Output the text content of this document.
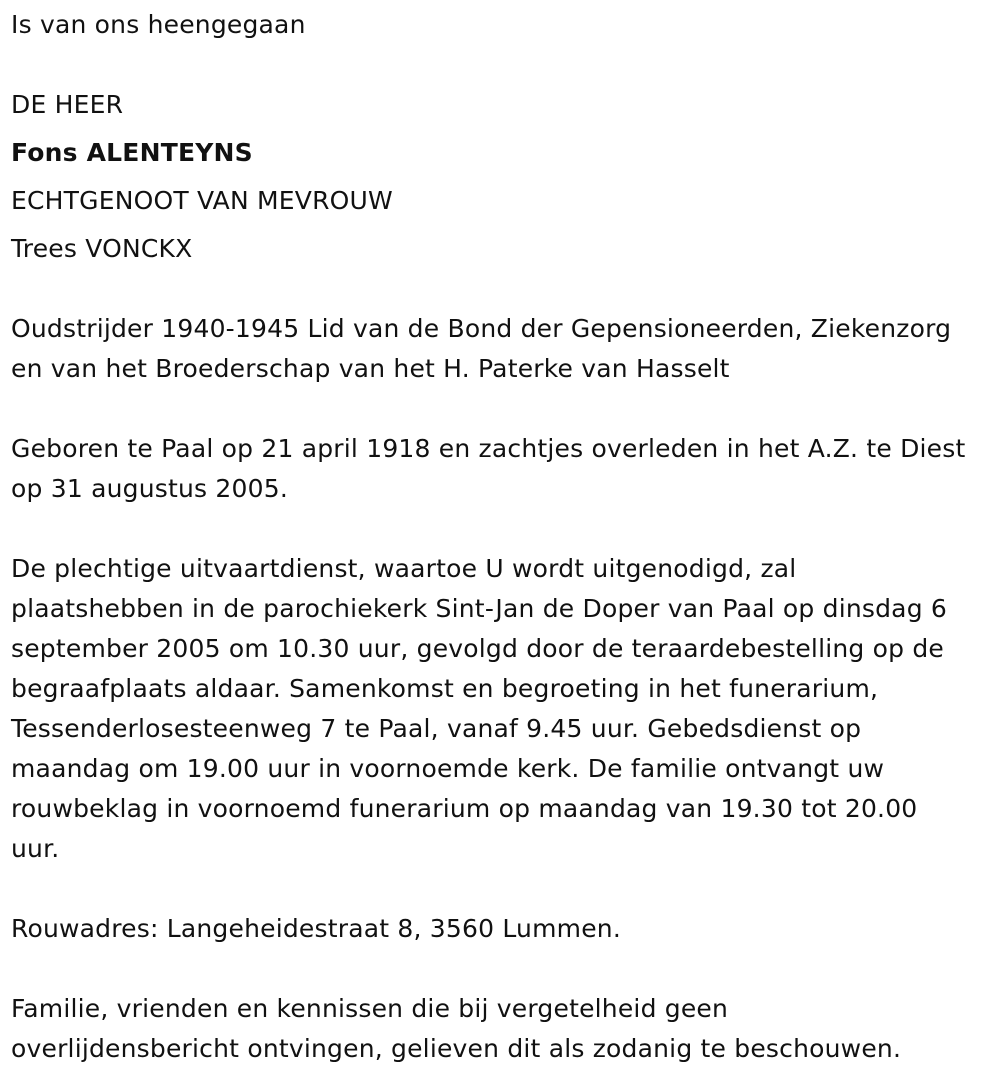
Is van ons heengegaan

DE HEER

Fons ALENTEYNS

ECHTGENOOT VAN MEVROUW

Trees VONCKX

Oudstrijder 1940-1945 Lid van de Bond der Gepensioneerden, Ziekenzorg

en van het Broederschap van het H. Paterke van Hasselt

Geboren te Paal op 21 april 1918 en zachtjes overleden in het A.Z. te Diest

op 31 augustus 2005.

De plechtige uitvaartdienst, waartoe U wordt uitgenodigd, zal

plaatshebben in de parochiekerk Sint-Jan de Doper van Paal op dinsdag 6

september 2005 om 10.30 uur, gevolgd door de teraardebestelling op de

begraafplaats aldaar. Samenkomst en begroeting in het funerarium,

Tessenderlosesteenweg 7 te Paal, vanaf 9.45 uur. Gebedsdienst op

maandag om 19.00 uur in voornoemde kerk. De familie ontvangt uw

rouwbeklag in voornoemd funerarium op maandag van 19.30 tot 20.00

uur.

Rouwadres: Langeheidestraat 8, 3560 Lummen.

Familie, vrienden en kennissen die bij vergetelheid geen

overlijdensbericht ontvingen, gelieven dit als zodanig te beschouwen.
